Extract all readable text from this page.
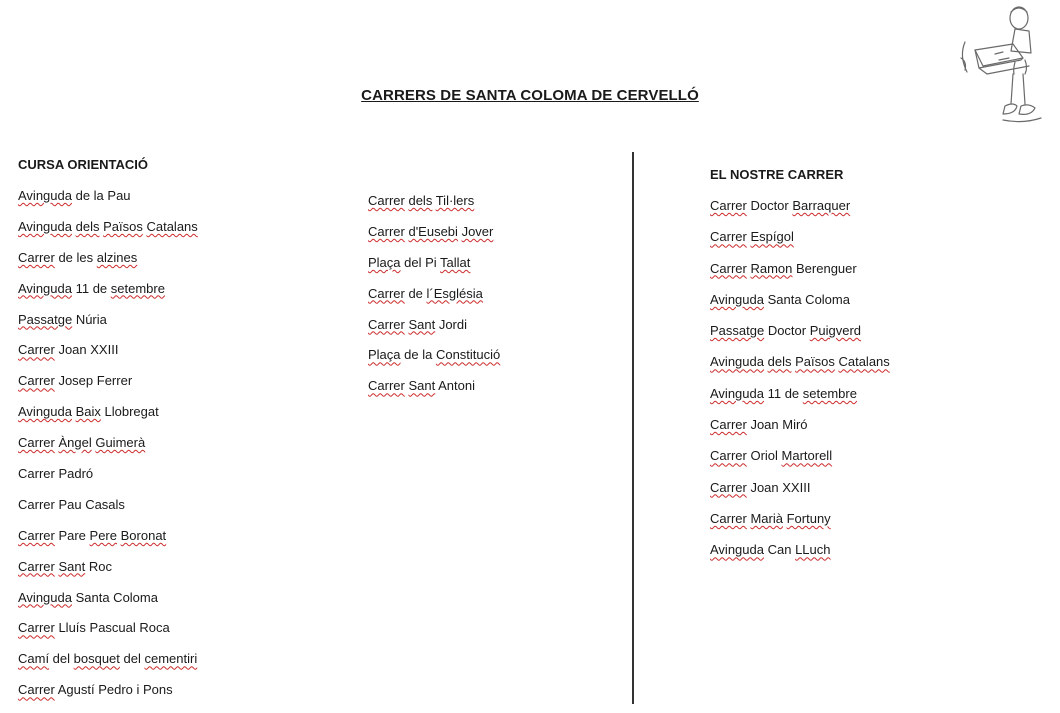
CARRERS DE SANTA COLOMA DE CERVELLÓ
CURSA ORIENTACIÓ
Avinguda de la Pau
Avinguda dels Països Catalans
Carrer de les alzines
Avinguda 11 de setembre
Passatge Núria
Carrer Joan XXIII
Carrer Josep Ferrer
Avinguda Baix Llobregat
Carrer Àngel Guimerà
Carrer Padró
Carrer Pau Casals
Carrer Pare Pere Boronat
Carrer Sant Roc
Avinguda Santa Coloma
Carrer Lluís Pascual Roca
Camí del bosquet del cementiri
Carrer Agustí Pedro i Pons
Carrer dels Til·lers
Carrer d'Eusebi Jover
Plaça del Pi Tallat
Carrer de l´Església
Carrer Sant Jordi
Plaça de la Constitució
Carrer Sant Antoni
EL NOSTRE CARRER
Carrer Doctor Barraquer
Carrer Espígol
Carrer Ramon Berenguer
Avinguda Santa Coloma
Passatge Doctor Puigverd
Avinguda dels Països Catalans
Avinguda 11 de setembre
Carrer Joan Miró
Carrer Oriol Martorell
Carrer Joan XXIII
Carrer Marià Fortuny
Avinguda Can LLuch
